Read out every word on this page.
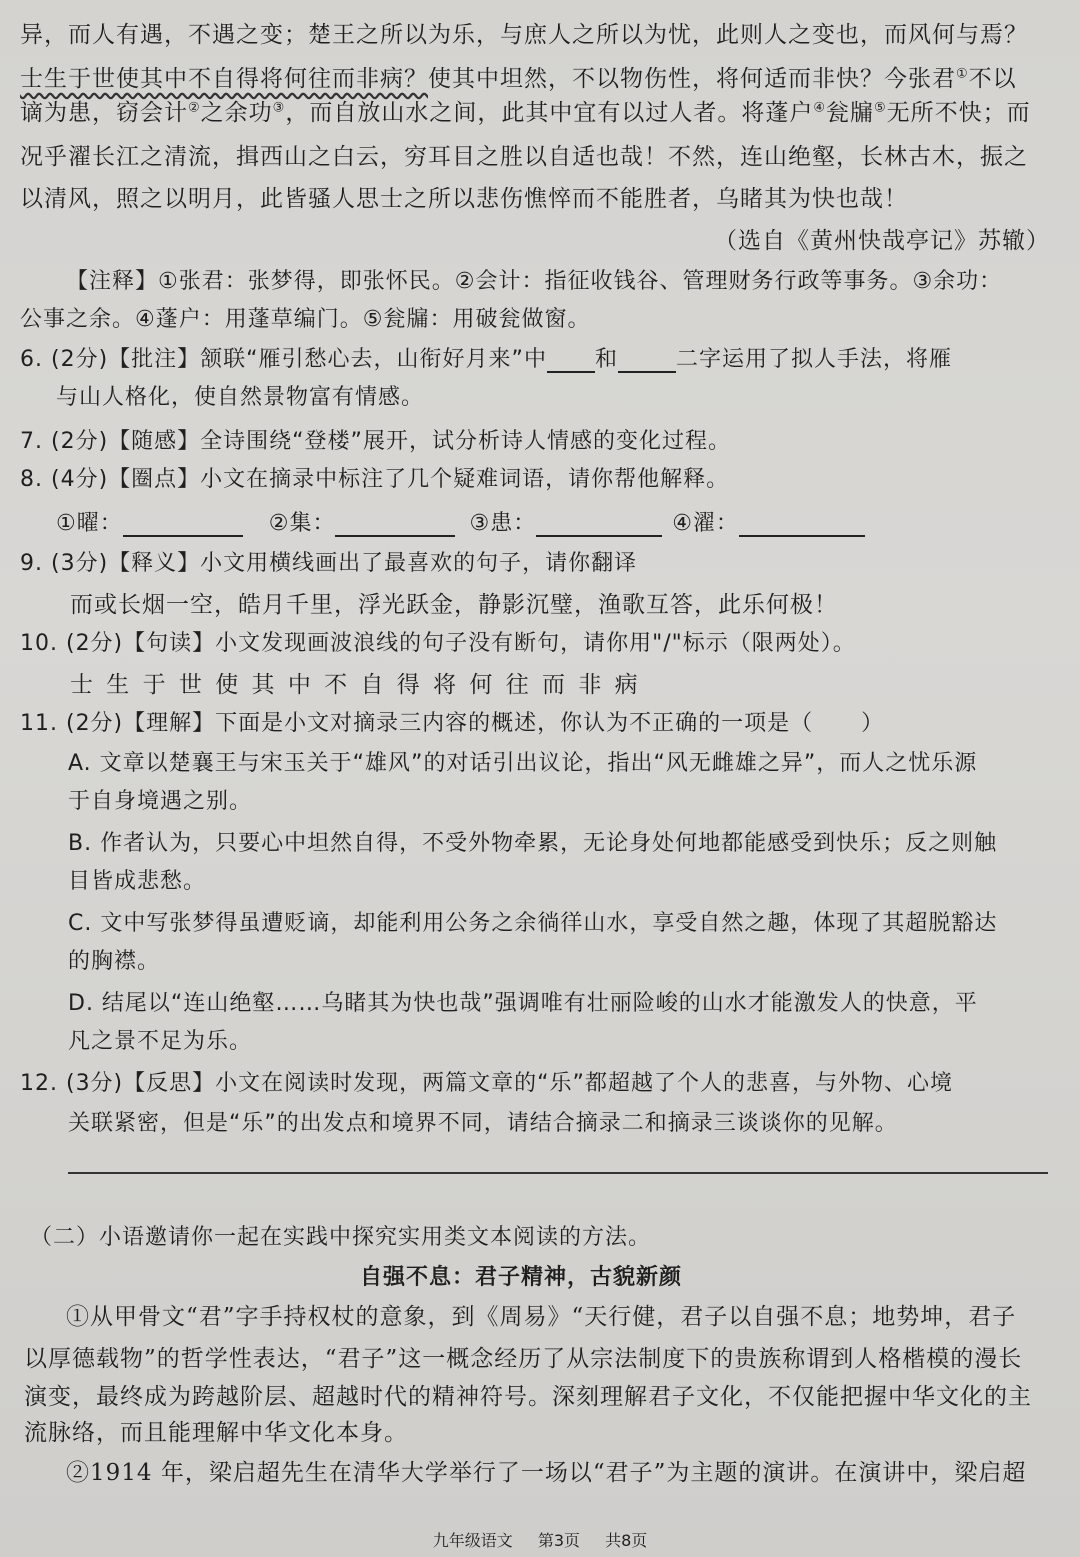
异，而人有遇，不遇之变；楚王之所以为乐，与庶人之所以为忧，此则人之变也，而风何与焉？
士生于世使其中不自得将何往而非病？使其中坦然，不以物伤性，将何适而非快？今张君①不以
谪为患，窃会计②之余功③，而自放山水之间，此其中宜有以过人者。将蓬户④瓮牖⑤无所不快；而
况乎濯长江之清流，揖西山之白云，穷耳目之胜以自适也哉！不然，连山绝壑，长林古木，振之
以清风，照之以明月，此皆骚人思士之所以悲伤憔悴而不能胜者，乌睹其为快也哉！
（选自《黄州快哉亭记》苏辙）
【注释】①张君：张梦得，即张怀民。②会计：指征收钱谷、管理财务行政等事务。③余功：
公事之余。④蓬户：用蓬草编门。⑤瓮牖：用破瓮做窗。
6. (2分)【批注】颔联“雁引愁心去，山衔好月来”中 和	二字运用了拟人手法，将雁
与山人格化，使自然景物富有情感。
7. (2分)【随感】全诗围绕“登楼”展开，试分析诗人情感的变化过程。
8. (4分)【圈点】小文在摘录中标注了几个疑难词语，请你帮他解释。
①曜：	②集：	③患：	④濯：
9. (3分)【释义】小文用横线画出了最喜欢的句子，请你翻译
而或长烟一空，皓月千里，浮光跃金，静影沉璧，渔歌互答，此乐何极！
10. (2分)【句读】小文发现画波浪线的句子没有断句，请你用"/"标示（限两处）。
士 生 于 世 使 其 中 不 自 得 将 何 往 而 非 病
11. (2分)【理解】下面是小文对摘录三内容的概述，你认为不正确的一项是（ ）
A. 文章以楚襄王与宋玉关于“雄风”的对话引出议论，指出“风无雌雄之异”，而人之忧乐源
于自身境遇之别。
B. 作者认为，只要心中坦然自得，不受外物牵累，无论身处何地都能感受到快乐；反之则触
目皆成悲愁。
C. 文中写张梦得虽遭贬谪，却能利用公务之余徜徉山水，享受自然之趣，体现了其超脱豁达
的胸襟。
D. 结尾以“连山绝壑……乌睹其为快也哉”强调唯有壮丽险峻的山水才能激发人的快意，平
凡之景不足为乐。
12. (3分)【反思】小文在阅读时发现，两篇文章的“乐”都超越了个人的悲喜，与外物、心境
关联紧密，但是“乐”的出发点和境界不同，请结合摘录二和摘录三谈谈你的见解。
（二）小语邀请你一起在实践中探究实用类文本阅读的方法。
自强不息：君子精神，古貌新颜
①从甲骨文“君”字手持权杖的意象，到《周易》“天行健，君子以自强不息；地势坤，君子
以厚德载物”的哲学性表达，“君子”这一概念经历了从宗法制度下的贵族称谓到人格楷模的漫长
演变，最终成为跨越阶层、超越时代的精神符号。深刻理解君子文化，不仅能把握中华文化的主
流脉络，而且能理解中华文化本身。
②1914 年，梁启超先生在清华大学举行了一场以“君子”为主题的演讲。在演讲中，梁启超
九年级语文 第3页 共8页
